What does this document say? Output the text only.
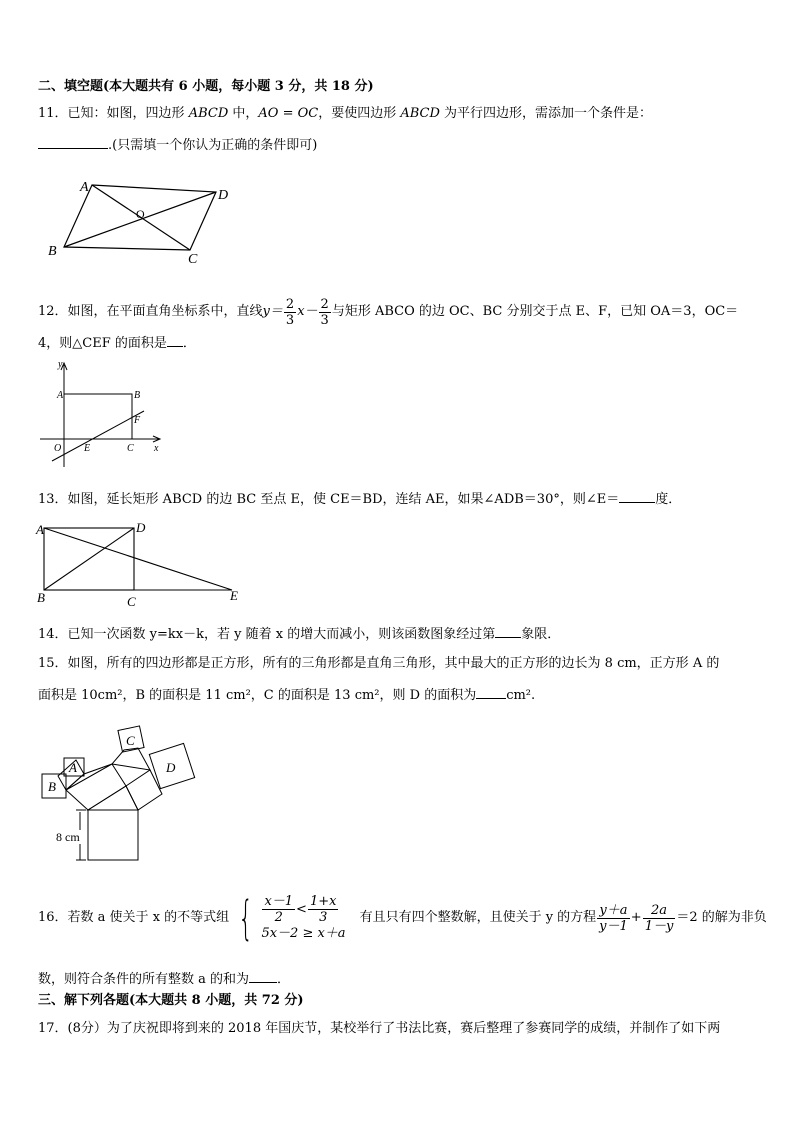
二、填空题(本大题共有 6 小题，每小题 3 分，共 18 分)
11．已知：如图，四边形 ABCD 中，AO = OC，要使四边形 ABCD 为平行四边形，需添加一个条件是：
.(只需填一个你认为正确的条件即可)
A
D
B
C
O
12．如图，在平面直角坐标系中，直线 $y= \frac{2}{3} x- \frac{2}{3}$ 与矩形 ABCO 的边 OC、BC 分别交于点 E、F，已知 OA＝3，OC＝
4，则△CEF 的面积是 ．
y
x
A	B
F
O E	C
13．如图，延长矩形 ABCD 的边 BC 至点 E，使 CE＝BD，连结 AE，如果∠ADB＝30°，则∠E＝	度．
A	D
B	C	E
14．已知一次函数 y=kx－k，若 y 随着 x 的增大而减小，则该函数图象经过第 象限．
15．如图，所有的四边形都是正方形，所有的三角形都是直角三角形，其中最大的正方形的边长为 8 cm，正方形 A 的
面积是 10cm²，B 的面积是 11 cm²，C 的面积是 13 cm²，则 D 的面积为 cm².
A
B
C
D
8 cm
16．若数 a 使关于 x 的不等式组 { $\frac{x-1}{2} < \frac{1+x}{3}$
5x－2 ≥ x＋a
有且只有四个整数解，且使关于 y 的方程 $\frac{y+a}{y-1} + \frac{2a}{1-y} =2$ 的解为非负
数，则符合条件的所有整数 a 的和为 ．
三、解下列各题(本大题共 8 小题，共 72 分)
17．(8分）为了庆祝即将到来的 2018 年国庆节，某校举行了书法比赛，赛后整理了参赛同学的成绩，并制作了如下两
